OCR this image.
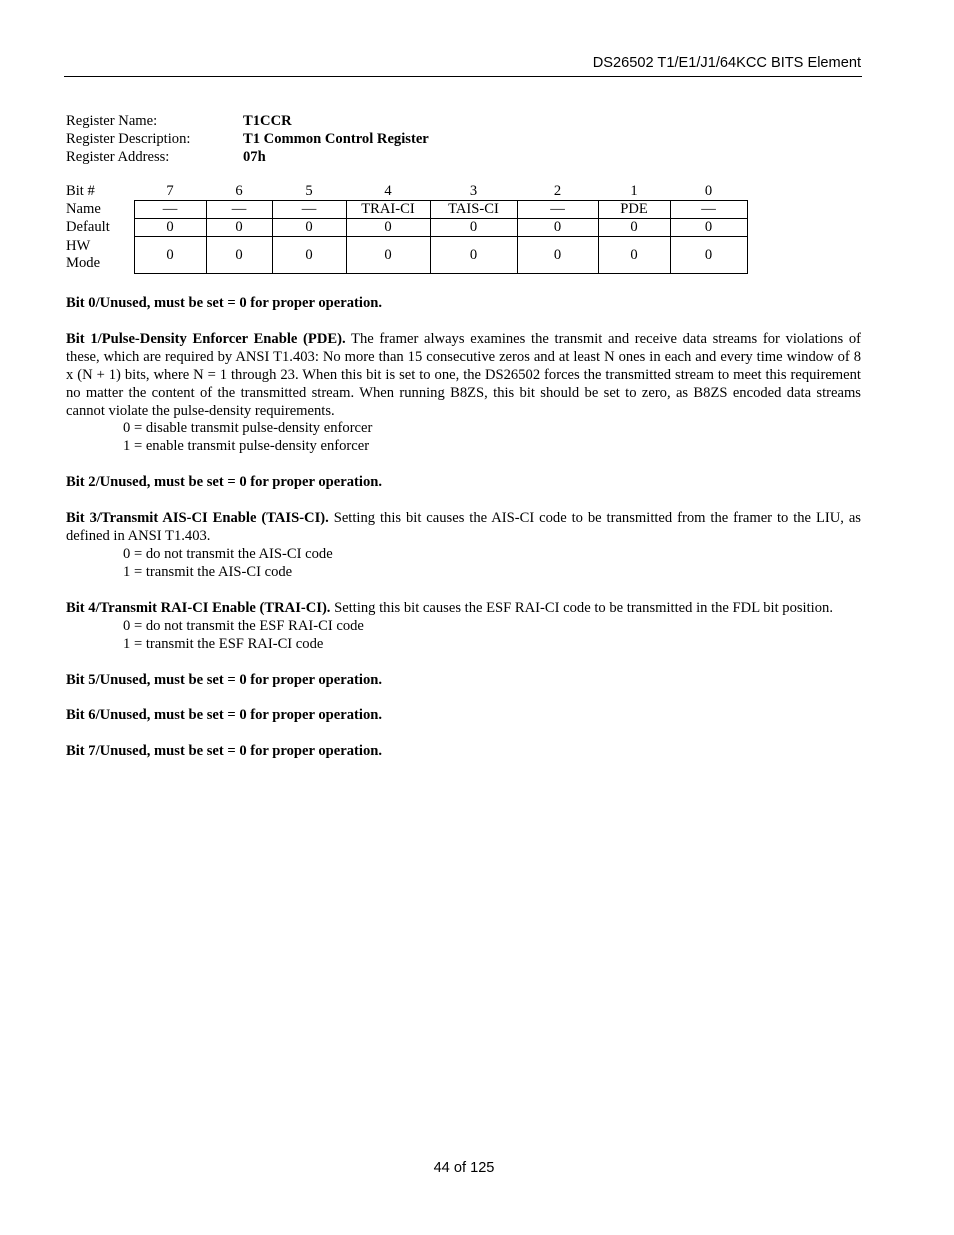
DS26502 T1/E1/J1/64KCC BITS Element
Register Name:	T1CCR
Register Description:	T1 Common Control Register
Register Address:	07h
Bit #	7	6	5	4	3	2	1	0
Name	—	—	—	TRAI-CI	TAIS-CI	—	PDE	—
Default	0	0	0	0	0	0	0	0
HW
Mode	0	0	0	0	0	0	0	0

Bit 0/Unused, must be set = 0 for proper operation.

Bit 1/Pulse-Density Enforcer Enable (PDE). The framer always examines the transmit and receive data streams for violations of these, which are required by ANSI T1.403: No more than 15 consecutive zeros and at least N ones in each and every time window of 8 x (N + 1) bits, where N = 1 through 23. When this bit is set to one, the DS26502 forces the transmitted stream to meet this requirement no matter the content of the transmitted stream. When running B8ZS, this bit should be set to zero, as B8ZS encoded data streams cannot violate the pulse-density requirements.

0 = disable transmit pulse-density enforcer

1 = enable transmit pulse-density enforcer

Bit 2/Unused, must be set = 0 for proper operation.

Bit 3/Transmit AIS-CI Enable (TAIS-CI). Setting this bit causes the AIS-CI code to be transmitted from the framer to the LIU, as defined in ANSI T1.403.

0 = do not transmit the AIS-CI code

1 = transmit the AIS-CI code

Bit 4/Transmit RAI-CI Enable (TRAI-CI). Setting this bit causes the ESF RAI-CI code to be transmitted in the FDL bit position.

0 = do not transmit the ESF RAI-CI code

1 = transmit the ESF RAI-CI code

Bit 5/Unused, must be set = 0 for proper operation.

Bit 6/Unused, must be set = 0 for proper operation.

Bit 7/Unused, must be set = 0 for proper operation.

44 of 125
